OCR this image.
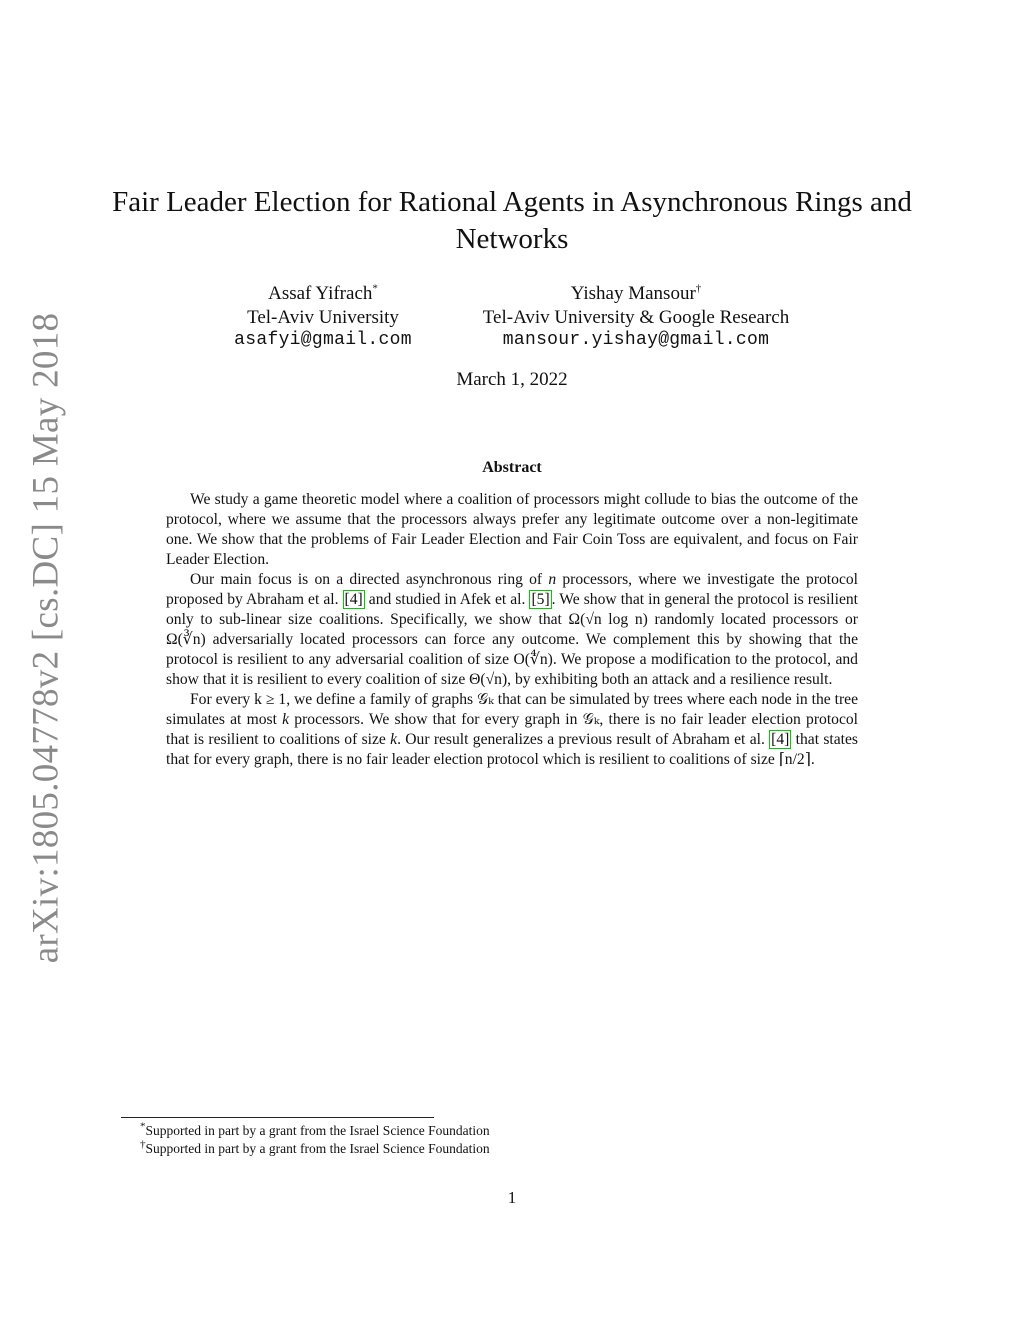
arXiv:1805.04778v2 [cs.DC] 15 May 2018
Fair Leader Election for Rational Agents in Asynchronous Rings and Networks
Assaf Yifrach*
Tel-Aviv University
asafyi@gmail.com
Yishay Mansour†
Tel-Aviv University & Google Research
mansour.yishay@gmail.com
March 1, 2022
Abstract

We study a game theoretic model where a coalition of processors might collude to bias the outcome of the protocol, where we assume that the processors always prefer any legitimate outcome over a non-legitimate one. We show that the problems of Fair Leader Election and Fair Coin Toss are equivalent, and focus on Fair Leader Election.

Our main focus is on a directed asynchronous ring of n processors, where we investigate the protocol proposed by Abraham et al. [4] and studied in Afek et al. [5] . We show that in general the protocol is resilient only to sub-linear size coalitions. Specifically, we show that Ω(√n log n) randomly located processors or Ω(∛n) adversarially located processors can force any outcome. We complement this by showing that the protocol is resilient to any adversarial coalition of size O(∜n). We propose a modification to the protocol, and show that it is resilient to every coalition of size Θ(√n), by exhibiting both an attack and a resilience result.

For every k ≥ 1, we define a family of graphs 𝒢ₖ that can be simulated by trees where each node in the tree simulates at most k processors. We show that for every graph in 𝒢ₖ, there is no fair leader election protocol that is resilient to coalitions of size k. Our result generalizes a previous result of Abraham et al. [4] that states that for every graph, there is no fair leader election protocol which is resilient to coalitions of size ⌈n/2⌉.

*Supported in part by a grant from the Israel Science Foundation
†Supported in part by a grant from the Israel Science Foundation
1
